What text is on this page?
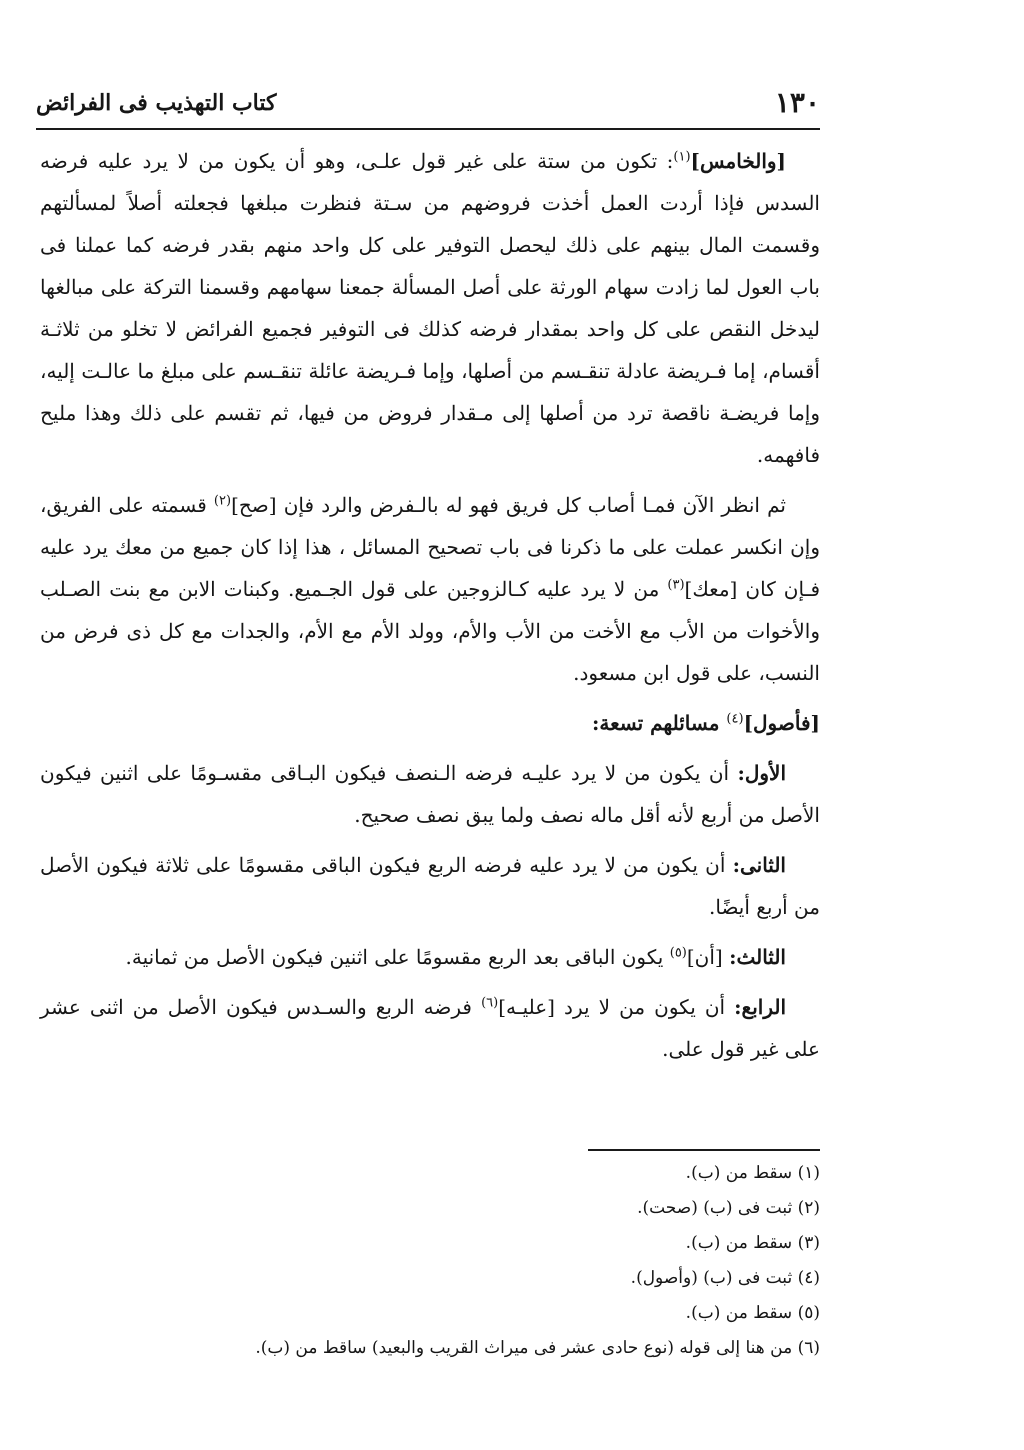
١٣٠
كتاب التهذيب فى الفرائض
[والخامس]$^{(١)}$: تكون من ستة على غير قول علـى، وهو أن يكون من لا يرد عليه فرضه السدس فإذا أردت العمل أخذت فروضهم من سـتة فنظرت مبلغها فجعلته أصلاً لمسألتهم وقسمت المال بينهم على ذلك ليحصل التوفير على كل واحد منهم بقدر فرضه كما عملنا فى باب العول لما زادت سهام الورثة على أصل المسألة جمعنا سهامهم وقسمنا التركة على مبالغها ليدخل النقص على كل واحد بمقدار فرضه كذلك فى التوفير فجميع الفرائض لا تخلو من ثلاثـة أقسام، إما فـريضة عادلة تنقـسم من أصلها، وإما فـريضة عائلة تنقـسم على مبلغ ما عالـت إليه، وإما فريضـة ناقصة ترد من أصلها إلى مـقدار فروض من فيها، ثم تقسم على ذلك وهذا مليح فافهمه.
ثم انظر الآن فمـا أصاب كل فريق فهو له بالـفرض والرد فإن [صح]$^{(٢)}$ قسمته على الفريق، وإن انكسر عملت على ما ذكرنا فى باب تصحيح المسائل ، هذا إذا كان جميع من معك يرد عليه فـإن كان [معك]$^{(٣)}$ من لا يرد عليه كـالزوجين على قول الجـميع. وكبنات الابن مع بنت الصـلب والأخوات من الأب مع الأخت من الأب والأم، وولد الأم مع الأم، والجدات مع كل ذى فرض من النسب، على قول ابن مسعود.
[فأصول]$^{(٤)}$ مسائلهم تسعة:
الأول: أن يكون من لا يرد عليـه فرضه الـنصف فيكون البـاقى مقسـومًا على اثنين فيكون الأصل من أربع لأنه أقل ماله نصف ولما يبق نصف صحيح.
الثانى: أن يكون من لا يرد عليه فرضه الربع فيكون الباقى مقسومًا على ثلاثة فيكون الأصل من أربع أيضًا.
الثالث: [أن]$^{(٥)}$ يكون الباقى بعد الربع مقسومًا على اثنين فيكون الأصل من ثمانية.
الرابع: أن يكون من لا يرد [عليـه]$^{(٦)}$ فرضه الربع والسـدس فيكون الأصل من اثنى عشر على غير قول على.
(١) سقط من (ب).
(٢) ثبت فى (ب) (صحت).
(٣) سقط من (ب).
(٤) ثبت فى (ب) (وأصول).
(٥) سقط من (ب).
(٦) من هنا إلى قوله (نوع حادى عشر فى ميراث القريب والبعيد) ساقط من (ب).
